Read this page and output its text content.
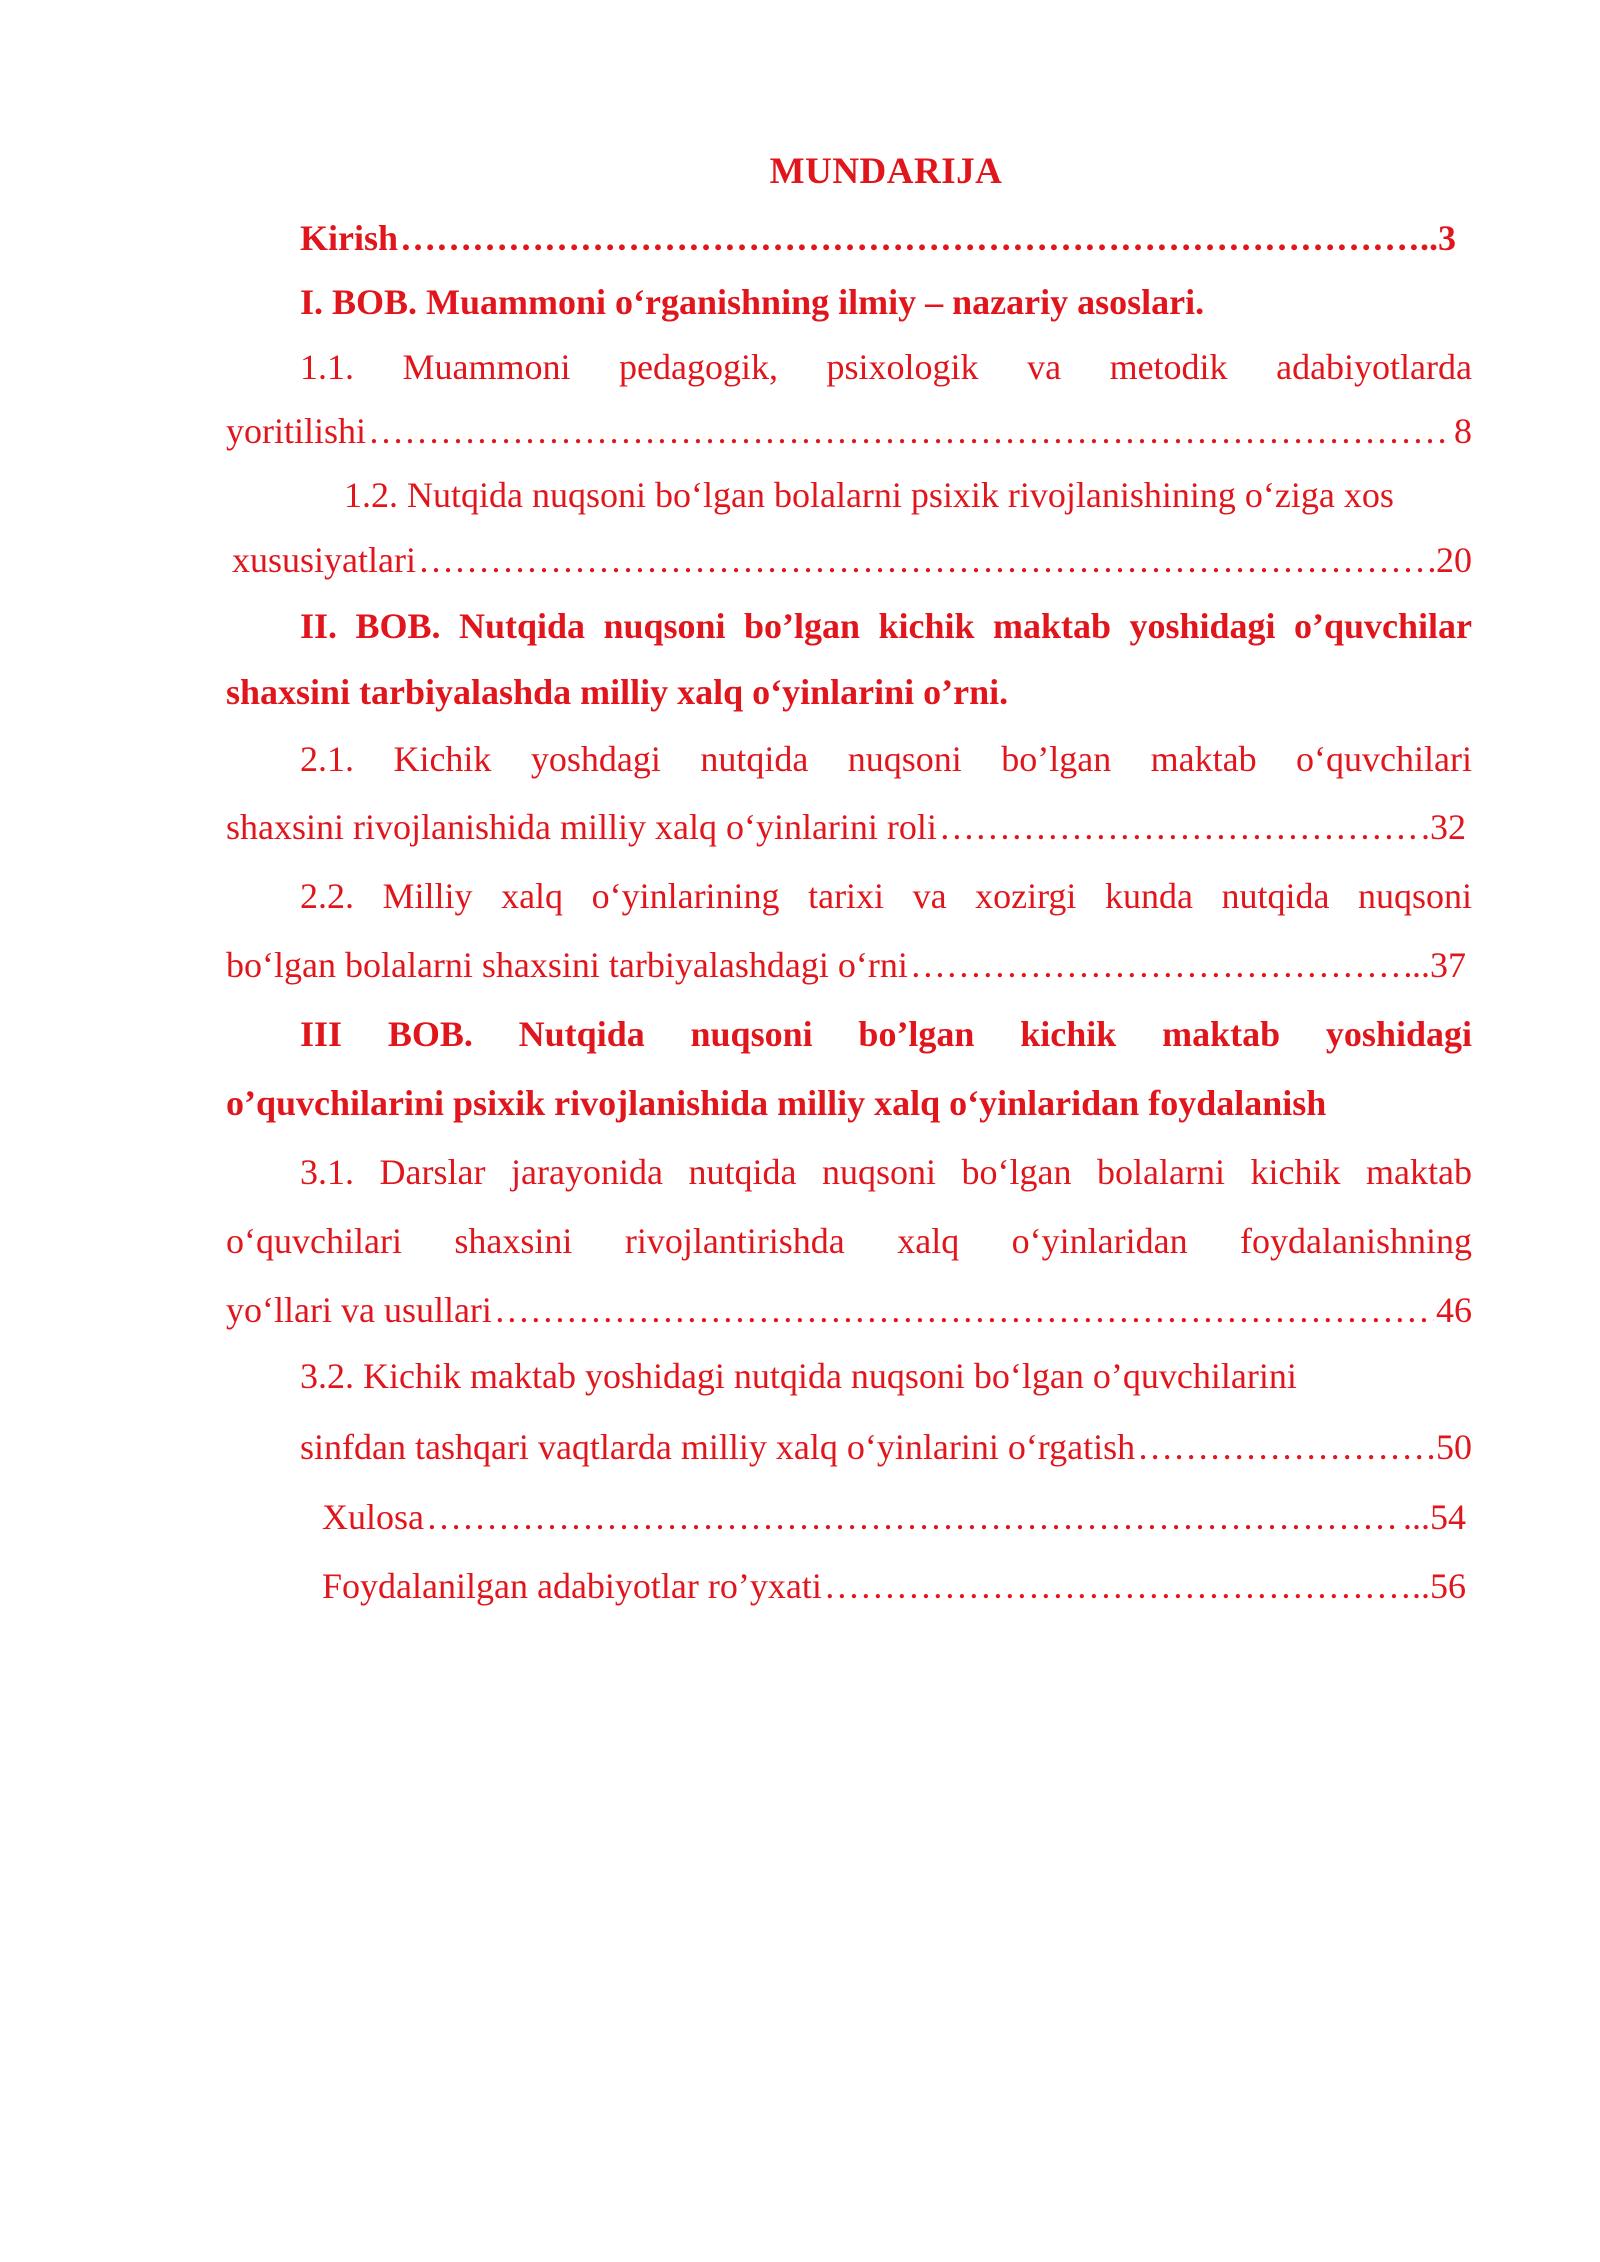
MUNDARIJA
Kirish ………………………………………………………………………………………………………………………………………………………………………………………	..3
I. BOB. Muammoni o‘rganishning ilmiy – nazariy asoslari.
1.1. Muammoni pedagogik, psixologik va metodik adabiyotlarda
yoritilishi ………………………………………………………………………………………………………………………………………………………………………………………	8
1.2. Nutqida nuqsoni bo‘lgan bolalarni psixik rivojlanishining o‘ziga xos
xususiyatlari ………………………………………………………………………………………………………………………………………………………………………………………	20
II. BOB. Nutqida nuqsoni bo’lgan kichik maktab yoshidagi o’quvchilar
shaxsini tarbiyalashda milliy xalq o‘yinlarini o’rni.
2.1. Kichik yoshdagi nutqida nuqsoni bo’lgan maktab o‘quvchilari
shaxsini rivojlanishida milliy xalq o‘yinlarini roli ………………………………………………………………………………………………………………………………………………………………………………………	.32
2.2. Milliy xalq o‘yinlarining tarixi va xozirgi kunda nutqida nuqsoni
bo‘lgan bolalarni shaxsini tarbiyalashdagi o‘rni ………………………………………………………………………………………………………………………………………………………………………………………	..37
III BOB. Nutqida nuqsoni bo’lgan kichik maktab yoshidagi
o’quvchilarini psixik rivojlanishida milliy xalq o‘yinlaridan foydalanish
3.1. Darslar jarayonida nutqida nuqsoni bo‘lgan bolalarni kichik maktab
o‘quvchilari shaxsini rivojlantirishda xalq o‘yinlaridan foydalanishning
yo‘llari va usullari ………………………………………………………………………………………………………………………………………………………………………………………	46
3.2. Kichik maktab yoshidagi nutqida nuqsoni bo‘lgan o’quvchilarini
sinfdan tashqari vaqtlarda milliy xalq o‘yinlarini o‘rgatish ………………………………………………………………………………………………………………………………………………………………………………………	50
Xulosa ………………………………………………………………………………………………………………………………………………………………………………………	...54
Foydalanilgan adabiyotlar ro’yxati ………………………………………………………………………………………………………………………………………………………………………………………	..56
